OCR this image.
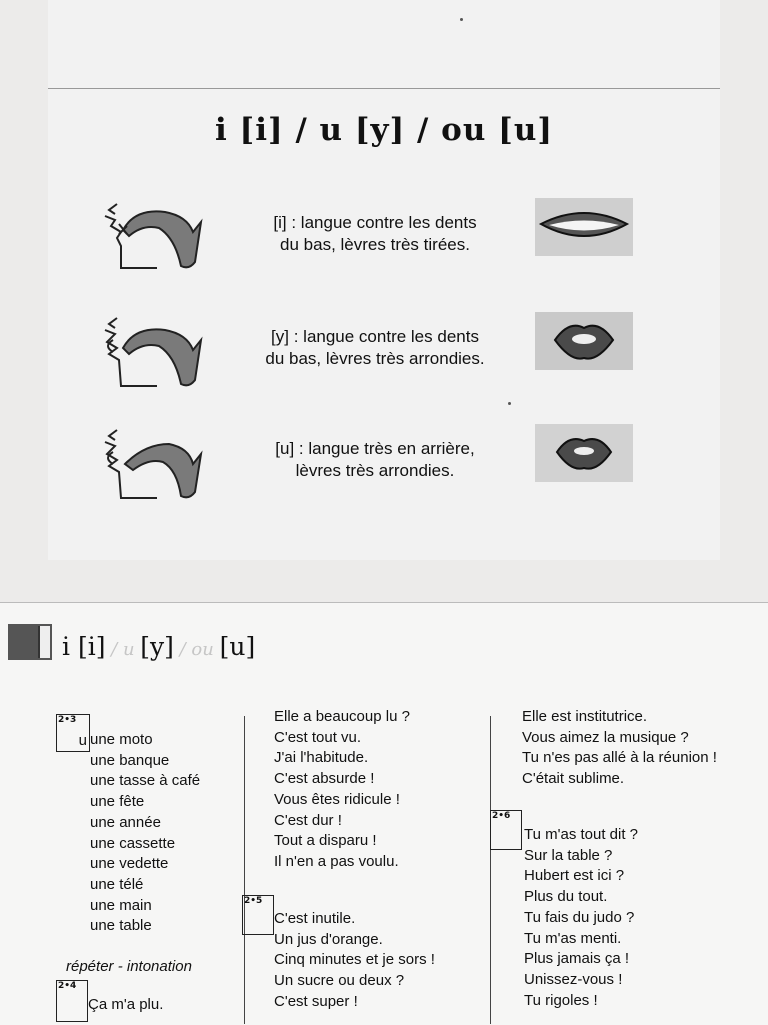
i [i] / u [y] / ou [u]
[i] : langue contre les dents
du bas, lèvres très tirées.
[y] : langue contre les dents
du bas, lèvres très arrondies.
[u] : langue très en arrière,
lèvres très arrondies.
i [i] / u [y] / ou [u]
2•3
u une moto
une banque
une tasse à café
une fête
une année
une cassette
une vedette
une télé
une main
une table
répéter - intonation
2•4
Ça m'a plu.
Elle a beaucoup lu ?
C'est tout vu.
J'ai l'habitude.
C'est absurde !
Vous êtes ridicule !
C'est dur !
Tout a disparu !
Il n'en a pas voulu.
2•5
C'est inutile.
Un jus d'orange.
Cinq minutes et je sors !
Un sucre ou deux ?
C'est super !
Elle est institutrice.
Vous aimez la musique ?
Tu n'es pas allé à la réunion !
C'était sublime.
2•6
Tu m'as tout dit ?
Sur la table ?
Hubert est ici ?
Plus du tout.
Tu fais du judo ?
Tu m'as menti.
Plus jamais ça !
Unissez-vous !
Tu rigoles !
